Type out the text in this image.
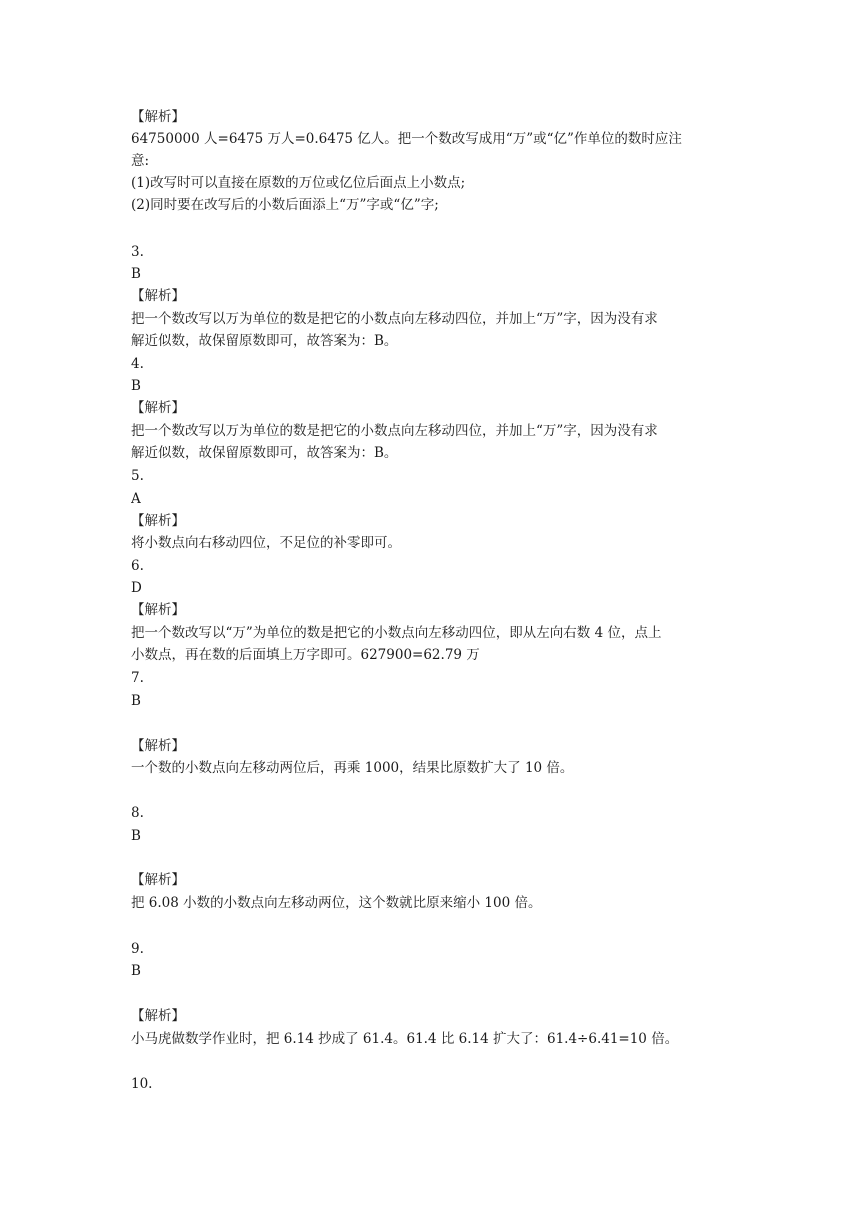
【解析】
64750000 人=6475 万人=0.6475 亿人。把一个数改写成用“万”或“亿”作单位的数时应注
意:
(1)改写时可以直接在原数的万位或亿位后面点上小数点;
(2)同时要在改写后的小数后面添上“万”字或“亿”字;
3.
B
【解析】
把一个数改写以万为单位的数是把它的小数点向左移动四位，并加上“万”字，因为没有求
解近似数，故保留原数即可，故答案为：B。
4.
B
【解析】
把一个数改写以万为单位的数是把它的小数点向左移动四位，并加上“万”字，因为没有求
解近似数，故保留原数即可，故答案为：B。
5.
A
【解析】
将小数点向右移动四位，不足位的补零即可。
6.
D
【解析】
把一个数改写以“万”为单位的数是把它的小数点向左移动四位，即从左向右数 4 位，点上
小数点，再在数的后面填上万字即可。627900=62.79 万
7.
B
【解析】
一个数的小数点向左移动两位后，再乘 1000，结果比原数扩大了 10 倍。
8.
B
【解析】
把 6.08 小数的小数点向左移动两位，这个数就比原来缩小 100 倍。
9.
B
【解析】
小马虎做数学作业时，把 6.14 抄成了 61.4。61.4 比 6.14 扩大了：61.4÷6.41=10 倍。
10.
